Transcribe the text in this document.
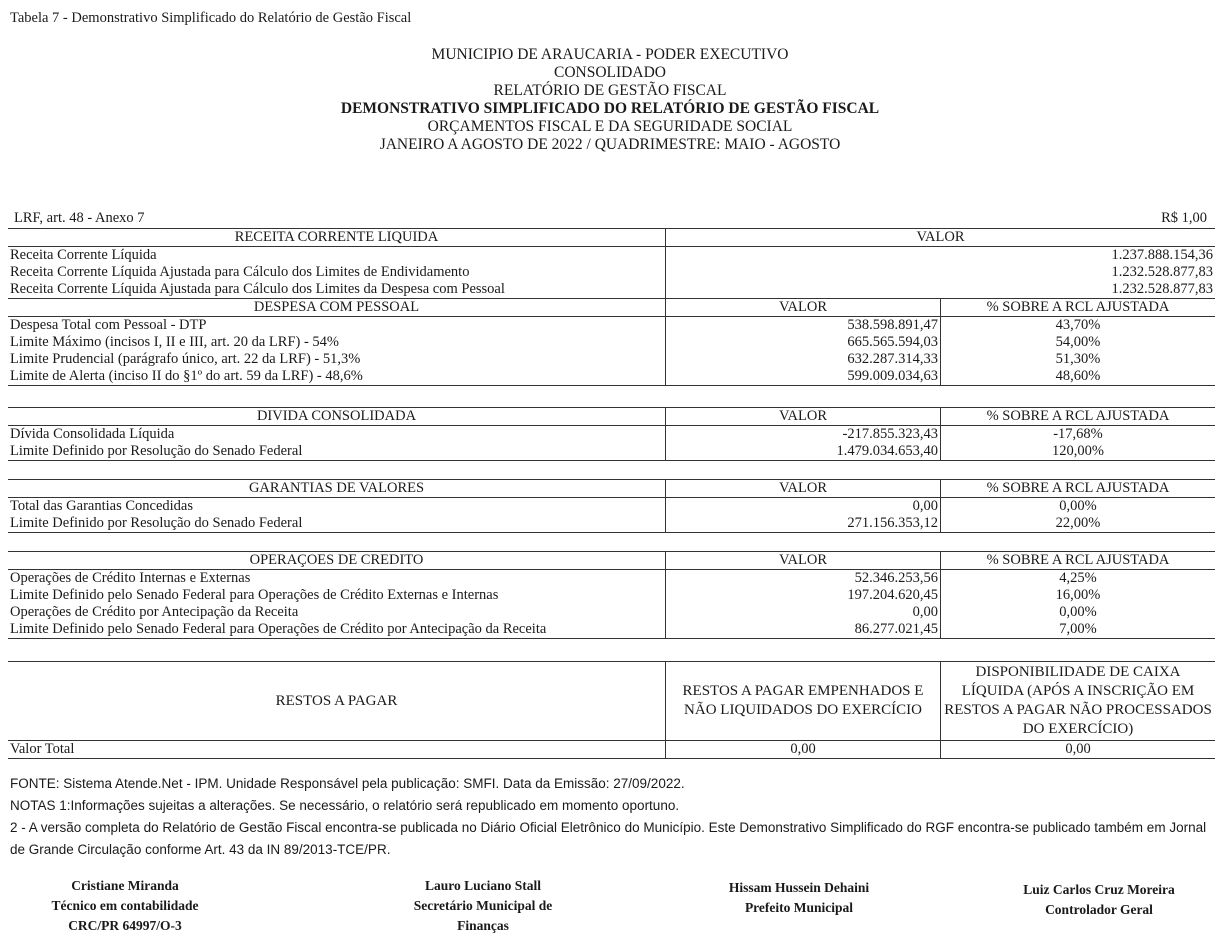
Tabela 7 - Demonstrativo Simplificado do Relatório de Gestão Fiscal
MUNICIPIO DE ARAUCARIA - PODER EXECUTIVO
CONSOLIDADO
RELATÓRIO DE GESTÃO FISCAL
DEMONSTRATIVO SIMPLIFICADO DO RELATÓRIO DE GESTÃO FISCAL
ORÇAMENTOS FISCAL E DA SEGURIDADE SOCIAL
JANEIRO A AGOSTO DE 2022 / QUADRIMESTRE: MAIO - AGOSTO
LRF, art. 48 - Anexo 7	R$ 1,00
RECEITA CORRENTE LIQUIDA	VALOR	
Receita Corrente Líquida	1.237.888.154,36	
Receita Corrente Líquida Ajustada para Cálculo dos Limites de Endividamento	1.232.528.877,83	
Receita Corrente Líquida Ajustada para Cálculo dos Limites da Despesa com Pessoal	1.232.528.877,83	
DESPESA COM PESSOAL	VALOR	% SOBRE A RCL AJUSTADA
Despesa Total com Pessoal - DTP	538.598.891,47	43,70%
Limite Máximo (incisos I, II e III, art. 20 da LRF) - 54%	665.565.594,03	54,00%
Limite Prudencial (parágrafo único, art. 22 da LRF) - 51,3%	632.287.314,33	51,30%
Limite de Alerta (inciso II do §1º do art. 59 da LRF) - 48,6%	599.009.034,63	48,60%
DIVIDA CONSOLIDADA	VALOR	% SOBRE A RCL AJUSTADA
Dívida Consolidada Líquida	-217.855.323,43	-17,68%
Limite Definido por Resolução do Senado Federal	1.479.034.653,40	120,00%
GARANTIAS DE VALORES	VALOR	% SOBRE A RCL AJUSTADA
Total das Garantias Concedidas	0,00	0,00%
Limite Definido por Resolução do Senado Federal	271.156.353,12	22,00%
OPERAÇOES DE CREDITO	VALOR	% SOBRE A RCL AJUSTADA
Operações de Crédito Internas e Externas	52.346.253,56	4,25%
Limite Definido pelo Senado Federal para Operações de Crédito Externas e Internas	197.204.620,45	16,00%
Operações de Crédito por Antecipação da Receita	0,00	0,00%
Limite Definido pelo Senado Federal para Operações de Crédito por Antecipação da Receita	86.277.021,45	7,00%
RESTOS A PAGAR	RESTOS A PAGAR EMPENHADOS E NÃO LIQUIDADOS DO EXERCÍCIO	DISPONIBILIDADE DE CAIXA LÍQUIDA (APÓS A INSCRIÇÃO EM RESTOS A PAGAR NÃO PROCESSADOS DO EXERCÍCIO)
Valor Total	0,00	0,00

FONTE: Sistema Atende.Net - IPM. Unidade Responsável pela publicação: SMFI. Data da Emissão: 27/09/2022.

NOTAS 1:Informações sujeitas a alterações. Se necessário, o relatório será republicado em momento oportuno.

2 - A versão completa do Relatório de Gestão Fiscal encontra-se publicada no Diário Oficial Eletrônico do Município. Este Demonstrativo Simplificado do RGF encontra-se publicado também em Jornal de Grande Circulação conforme Art. 43 da IN 89/2013-TCE/PR.

Cristiane Miranda
Técnico em contabilidade
CRC/PR 64997/O-3
Lauro Luciano Stall
Secretário Municipal de
Finanças
Hissam Hussein Dehaini
Prefeito Municipal
Luiz Carlos Cruz Moreira
Controlador Geral
